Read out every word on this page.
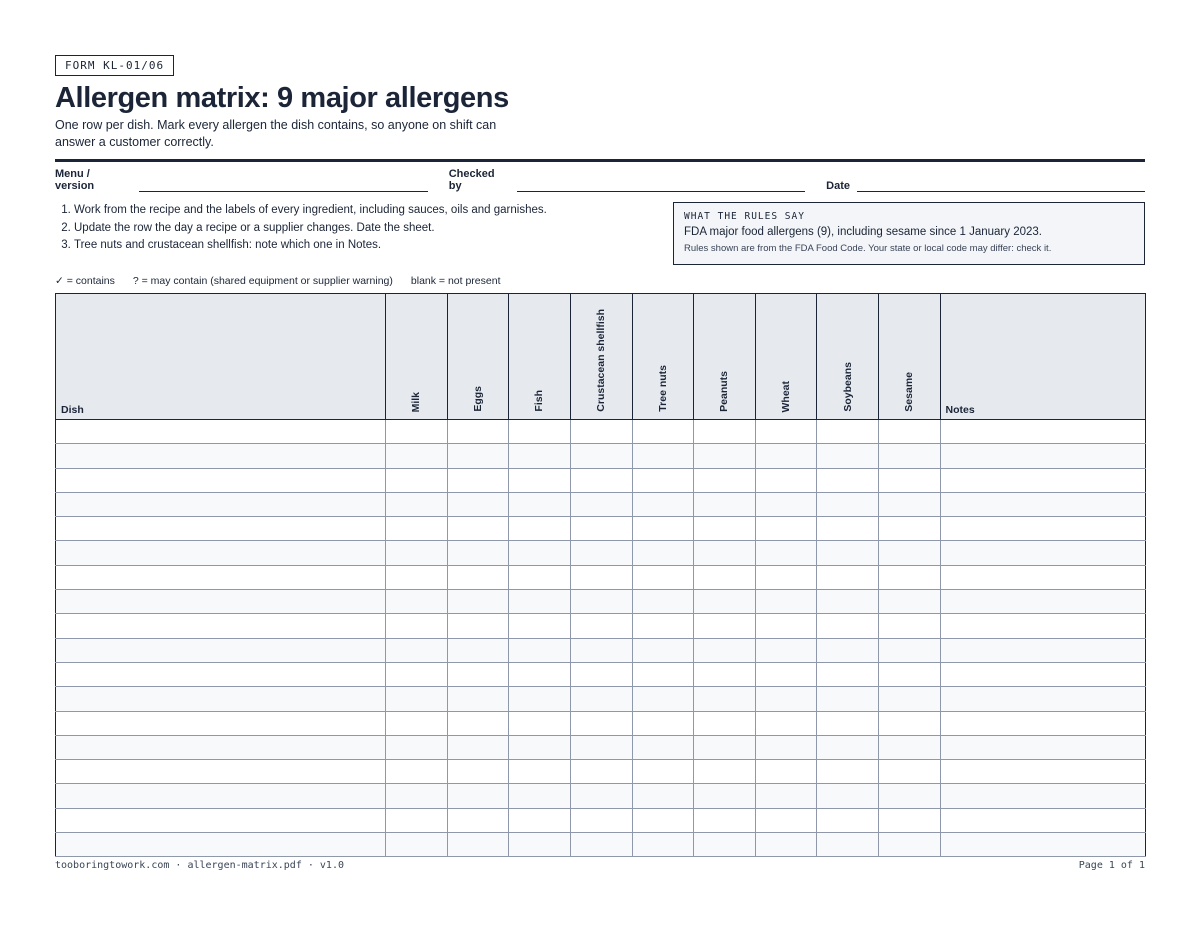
FORM KL-01/06
Allergen matrix: 9 major allergens

One row per dish. Mark every allergen the dish contains, so anyone on shift can answer a customer correctly.

Menu / version
Checked by	Date
1. Work from the recipe and the labels of every ingredient, including sauces, oils and garnishes.
2. Update the row the day a recipe or a supplier changes. Date the sheet.
3. Tree nuts and crustacean shellfish: note which one in Notes.
WHAT THE RULES SAY
FDA major food allergens (9), including sesame since 1 January 2023.
Rules shown are from the FDA Food Code. Your state or local code may differ: check it.
✓ = contains ? = may contain (shared equipment or supplier warning) blank = not present
Dish	Milk	Eggs	Fish	Crustacean shellfish	Tree nuts	Peanuts	Wheat	Soybeans	Sesame	Notes

tooboringtowork.com · allergen-matrix.pdf · v1.0	Page 1 of 1
